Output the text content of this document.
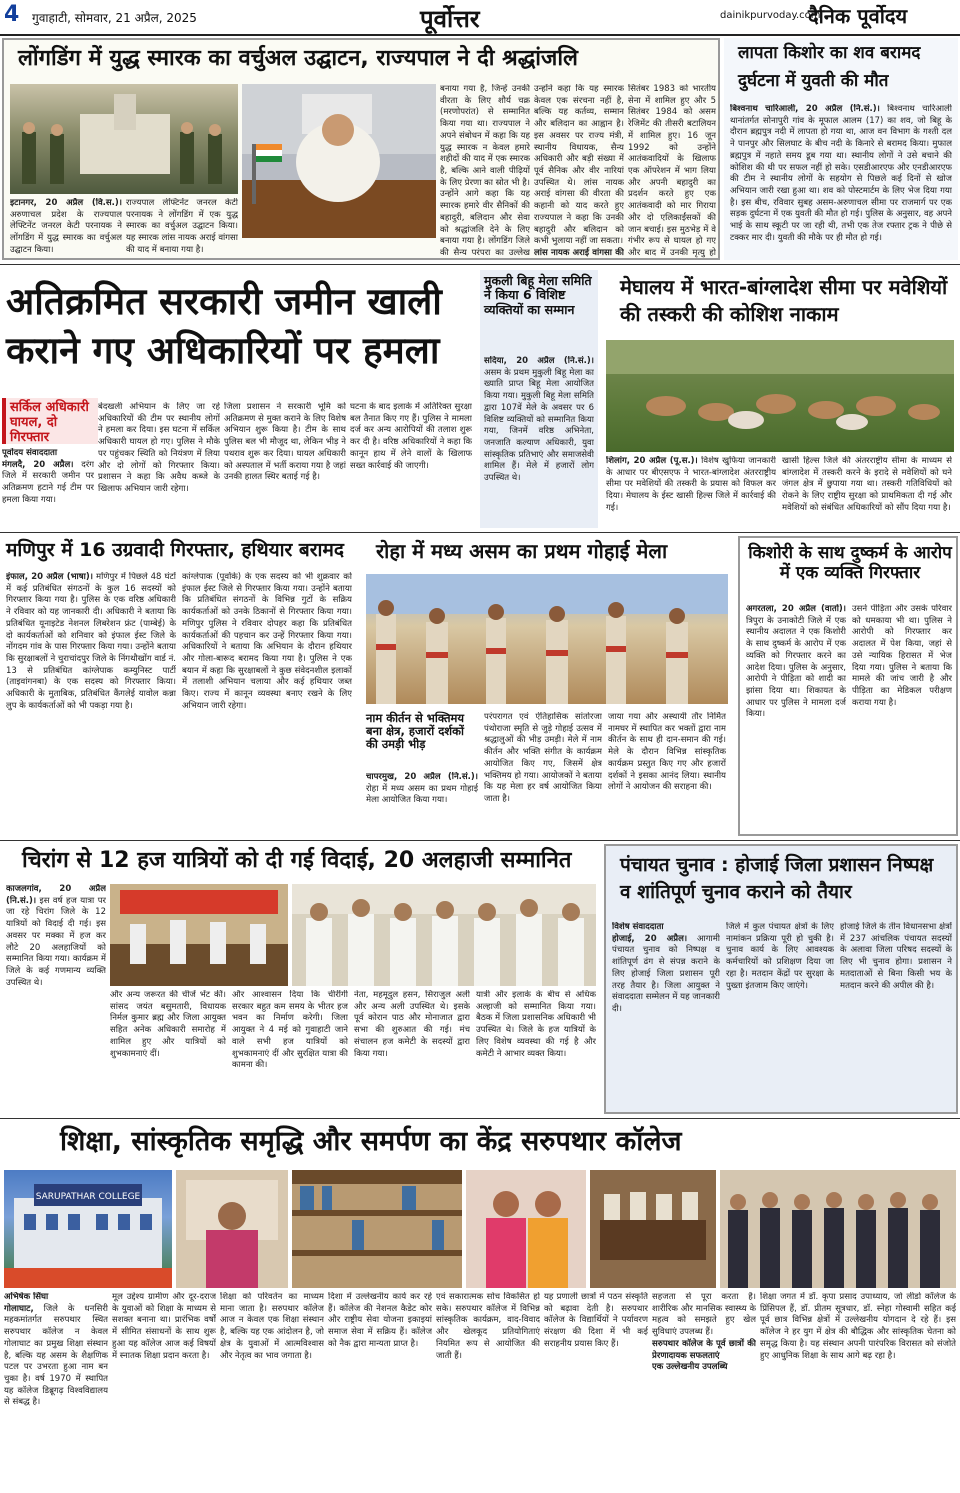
4 गुवाहाटी, सोमवार, 21 अप्रैल, 2025	पूर्वोत्तर	dainikpurvoday.com
दैनिक पूर्वोदय
लोंगडिंग में युद्ध स्मारक का वर्चुअल उद्घाटन, राज्यपाल ने दी श्रद्धांजलि
इटानगर, 20 अप्रैल (वि.स.)। अरुणाचल प्रदेश के राज्यपाल लेफ्टिनेंट जनरल केटी परनायक ने लोंगडिंग में युद्ध स्मारक का वर्चुअल उद्घाटन किया।
राज्यपाल लेफ्टिनेंट जनरल केटी परनायक ने लोंगडिंग में एक युद्ध स्मारक का वर्चुअल उद्घाटन किया। यह स्मारक लांस नायक अराई वांगसा की याद में बनाया गया है।
बनाया गया है, जिन्हें उनकी वीरता के लिए शौर्य चक्र (मरणोपरांत) से सम्मानित किया गया था। राज्यपाल ने अपने संबोधन में कहा कि यह युद्ध स्मारक न केवल हमारे शहीदों की याद में एक स्मारक है, बल्कि आने वाली पीढ़ियों के लिए प्रेरणा का स्रोत भी है। उन्होंने आगे कहा कि यह स्मारक हमारे वीर सैनिकों की बहादुरी, बलिदान और सेवा को श्रद्धांजलि देने के लिए बनाया गया है। लोंगडिंग जिले की सैन्य परंपरा का उल्लेख
उन्होंने कहा कि यह स्मारक केवल एक संरचना नहीं है, बल्कि यह कर्तव्य, सम्मान और बलिदान का आह्वान है। इस अवसर पर राज्य मंत्री, स्थानीय विधायक, सैन्य अधिकारी और बड़ी संख्या में पूर्व सैनिक और वीर नारियां उपस्थित थे। लांस नायक अराई वांगसा की वीरता की कहानी को याद करते हुए राज्यपाल ने कहा कि उनकी बहादुरी और बलिदान को कभी भुलाया नहीं जा सकता।
लांस नायक अराई वांगसा की
सितंबर 1983 को भारतीय सेना में शामिल हुए और 5 सितंबर 1984 को असम रेजिमेंट की तीसरी बटालियन में शामिल हुए। 16 जून 1992 को उन्होंने आतंकवादियों के खिलाफ एक ऑपरेशन में भाग लिया और अपनी बहादुरी का प्रदर्शन करते हुए एक आतंकवादी को मार गिराया और दो एलिकाईंसकों की जान बचाई। इस मुठभेड़ में वे गंभीर रूप से घायल हो गए और बाद में उनकी मृत्यु हो
लापता किशोर का शव बरामद
दुर्घटना में युवती की मौत
बिश्वनाथ चारिआली, 20 अप्रैल (नि.सं.)। बिश्वनाथ चारिआली थानांतर्गत सोनापुरी गांव के मूफाल आलम (17) का शव, जो बिहू के दौरान ब्रह्मपुत्र नदी में लापता हो गया था, आज वन विभाग के गश्ती दल ने पानपुर और सिलघाट के बीच नदी के किनारे से बरामद किया। मुफाल ब्रह्मपुत्र में नहाते समय डूब गया था। स्थानीय लोगों ने उसे बचाने की कोशिश की थी पर सफल नहीं हो सके। एसडीआरएफ और एनडीआरएफ की टीम ने स्थानीय लोगों के सहयोग से पिछले कई दिनों से खोज अभियान जारी रखा हुआ था। शव को पोस्टमार्टम के लिए भेज दिया गया है। इस बीच, रविवार सुबह असम-अरुणाचल सीमा पर राजमार्ग पर एक सड़क दुर्घटना में एक युवती की मौत हो गई। पुलिस के अनुसार, वह अपने भाई के साथ स्कूटी पर जा रही थी, तभी एक तेज रफ्तार ट्रक ने पीछे से टक्कर मार दी। युवती की मौके पर ही मौत हो गई।
अतिक्रमित सरकारी जमीन खाली कराने गए अधिकारियों पर हमला
सर्किल अधिकारी घायल, दो गिरफ्तार
पूर्वोदय संवाददाता
मंगलदै, 20 अप्रैल। दरंग जिले में सरकारी जमीन पर अतिक्रमण हटाने गई टीम पर हमला किया गया।
बेदखली अभियान के लिए जा रहे अधिकारियों की टीम पर स्थानीय लोगों ने हमला कर दिया। इस घटना में सर्किल अधिकारी घायल हो गए। पुलिस ने मौके पर पहुंचकर स्थिति को नियंत्रण में लिया और दो लोगों को गिरफ्तार किया। प्रशासन ने कहा कि अवैध कब्जे के खिलाफ अभियान जारी रहेगा।
जिला प्रशासन ने सरकारी भूमि को अतिक्रमण से मुक्त कराने के लिए विशेष अभियान शुरू किया है। टीम के साथ पुलिस बल भी मौजूद था, लेकिन भीड़ ने पथराव शुरू कर दिया। घायल अधिकारी को अस्पताल में भर्ती कराया गया है जहां उनकी हालत स्थिर बताई गई है।
घटना के बाद इलाके में अतिरिक्त सुरक्षा बल तैनात किए गए हैं। पुलिस ने मामला दर्ज कर अन्य आरोपियों की तलाश शुरू कर दी है। वरिष्ठ अधिकारियों ने कहा कि कानून हाथ में लेने वालों के खिलाफ सख्त कार्रवाई की जाएगी।
मुकली बिहू मेला समिति ने किया 6 विशिष्ट व्यक्तियों का सम्मान
सदिया, 20 अप्रैल (नि.सं.)। असम के प्रथम मुकुली बिहू मेला का ख्याति प्राप्त बिहू मेला आयोजित किया गया। मुकुली बिहू मेला समिति द्वारा 107वें मेले के अवसर पर 6 विशिष्ट व्यक्तियों को सम्मानित किया गया, जिनमें वरिष्ठ अभिनेता, जनजाति कल्याण अधिकारी, युवा सांस्कृतिक प्रतिभाएं और समाजसेवी शामिल हैं। मेले में हजारों लोग उपस्थित थे।
मेघालय में भारत-बांग्लादेश सीमा पर मवेशियों की तस्करी की कोशिश नाकाम
शिलांग, 20 अप्रैल (पू.स.)। विशेष खुफिया जानकारी के आधार पर बीएसएफ ने भारत-बांग्लादेश अंतरराष्ट्रीय सीमा पर मवेशियों की तस्करी के प्रयास को विफल कर दिया। मेघालय के ईस्ट खासी हिल्स जिले में कार्रवाई की गई।
खासी हिल्स जिले की अंतरराष्ट्रीय सीमा के माध्यम से बांग्लादेश में तस्करी करने के इरादे से मवेशियों को घने जंगल क्षेत्र में छुपाया गया था। तस्करी गतिविधियों को रोकने के लिए राष्ट्रीय सुरक्षा को प्राथमिकता दी गई और मवेशियों को संबंधित अधिकारियों को सौंप दिया गया है।
मणिपुर में 16 उग्रवादी गिरफ्तार, हथियार बरामद
इंफाल, 20 अप्रैल (भाषा)। मणिपुर में पिछले 48 घंटों में कई प्रतिबंधित संगठनों के कुल 16 सदस्यों को गिरफ्तार किया गया है। पुलिस के एक वरिष्ठ अधिकारी ने रविवार को यह जानकारी दी। अधिकारी ने बताया कि प्रतिबंधित यूनाइटेड नेशनल लिबरेशन फ्रंट (पाम्बेई) के दो कार्यकर्ताओं को शनिवार को इंफाल ईस्ट जिले के नोंगदम गांव के पास गिरफ्तार किया गया। उन्होंने बताया कि सुरक्षाबलों ने चुराचांदपुर जिले के निंगथौखोंग वार्ड नं. 13 से प्रतिबंधित कांग्लेपाक कम्युनिस्ट पार्टी (ताइवांगनबा) के एक सदस्य को गिरफ्तार किया। अधिकारी के मुताबिक, प्रतिबंधित कैंगलेई यावोल कन्ना लुप के कार्यकर्ताओं को भी पकड़ा गया है।
कांग्लेपाक (पूर्वोके) के एक सदस्य को भी शुक्रवार को इंफाल ईस्ट जिले से गिरफ्तार किया गया। उन्होंने बताया कि प्रतिबंधित संगठनों के विभिन्न गुटों के सक्रिय कार्यकर्ताओं को उनके ठिकानों से गिरफ्तार किया गया। मणिपुर पुलिस ने रविवार दोपहर कहा कि प्रतिबंधित कार्यकर्ताओं की पहचान कर उन्हें गिरफ्तार किया गया। अधिकारियों ने बताया कि अभियान के दौरान हथियार और गोला-बारूद बरामद किया गया है। पुलिस ने एक बयान में कहा कि सुरक्षाबलों ने कुछ संवेदनशील इलाकों में तलाशी अभियान चलाया और कई हथियार जब्त किए। राज्य में कानून व्यवस्था बनाए रखने के लिए अभियान जारी रहेगा।
रोहा में मध्य असम का प्रथम गोहाई मेला
नाम कीर्तन से भक्तिमय बना क्षेत्र, हजारों दर्शकों की उमड़ी भीड़
चापरमुख, 20 अप्रैल (नि.सं.)। रोहा में मध्य असम का प्रथम गोहाई मेला आयोजित किया गया।
परंपरागत एवं ऐतिहासिक सांतोरजा पंथोराजा स्मृति से जुड़े गोहाई उत्सव में श्रद्धालुओं की भीड़ उमड़ी। मेले में नाम कीर्तन और भक्ति संगीत के कार्यक्रम आयोजित किए गए, जिसमें क्षेत्र भक्तिमय हो गया। आयोजकों ने बताया कि यह मेला हर वर्ष आयोजित किया जाता है।
जाया गया और अस्थायी तौर निर्मित नामघर में स्थापित कर भक्तों द्वारा नाम कीर्तन के साथ ही दान-समान की गई। मेले के दौरान विभिन्न सांस्कृतिक कार्यक्रम प्रस्तुत किए गए और हजारों दर्शकों ने इसका आनंद लिया। स्थानीय लोगों ने आयोजन की सराहना की।
किशोरी के साथ दुष्कर्म के आरोप में एक व्यक्ति गिरफ्तार
अगरतला, 20 अप्रैल (वार्ता)। त्रिपुरा के उनाकोटी जिले में एक स्थानीय अदालत ने एक किशोरी के साथ दुष्कर्म के आरोप में एक व्यक्ति को गिरफ्तार करने का आदेश दिया। पुलिस के अनुसार, आरोपी ने पीड़िता को शादी का झांसा दिया था। शिकायत के आधार पर पुलिस ने मामला दर्ज किया।
उसने पीड़िता और उसके परिवार को धमकाया भी था। पुलिस ने आरोपी को गिरफ्तार कर अदालत में पेश किया, जहां से उसे न्यायिक हिरासत में भेज दिया गया। पुलिस ने बताया कि मामले की जांच जारी है और पीड़िता का मेडिकल परीक्षण कराया गया है।
चिरांग से 12 हज यात्रियों को दी गई विदाई, 20 अलहाजी सम्मानित
काजलगांव, 20 अप्रैल (नि.सं.)। इस वर्ष हज यात्रा पर जा रहे चिरांग जिले के 12 यात्रियों को विदाई दी गई। इस अवसर पर मक्का में हज कर लौटे 20 अलहाजियों को सम्मानित किया गया। कार्यक्रम में जिले के कई गणमान्य व्यक्ति उपस्थित थे।
और अन्य जरूरत की चीजें भेंट कीं। सांसद जयंत बसुमतारी, विधायक निर्मल कुमार ब्रह्म और जिला आयुक्त सहित अनेक अधिकारी समारोह में शामिल हुए और यात्रियों को शुभकामनाएं दीं।
और आश्वासन दिया कि चीरींगी सरकार बहुत कम समय के भीतर हज भवन का निर्माण करेगी। जिला आयुक्त ने 4 मई को गुवाहाटी जाने वाले सभी हज यात्रियों को शुभकामनाएं दीं और सुरक्षित यात्रा की कामना की।
नेता, महमूदुल हसन, सिराजुल अली और अन्य अली उपस्थित थे। इसके पूर्व कोरान पाठ और मोनाजात द्वारा सभा की शुरुआत की गई। मंच संचालन हज कमेटी के सदस्यों द्वारा किया गया।
यात्री और इलाके के बीच से अधिक अल्हाजी को सम्मानित किया गया। बैठक में जिला प्रशासनिक अधिकारी भी उपस्थित थे। जिले के हज यात्रियों के लिए विशेष व्यवस्था की गई है और कमेटी ने आभार व्यक्त किया।
पंचायत चुनाव : होजाई जिला प्रशासन निष्पक्ष व शांतिपूर्ण चुनाव कराने को तैयार
विशेष संवाददाता
होजाई, 20 अप्रैल। आगामी पंचायत चुनाव को निष्पक्ष व शांतिपूर्ण ढंग से संपन्न कराने के लिए होजाई जिला प्रशासन पूरी तरह तैयार है। जिला आयुक्त ने संवाददाता सम्मेलन में यह जानकारी दी।
जिले में कुल पंचायत क्षेत्रों के लिए नामांकन प्रक्रिया पूरी हो चुकी है। चुनाव कार्य के लिए आवश्यक कर्मचारियों को प्रशिक्षण दिया जा रहा है। मतदान केंद्रों पर सुरक्षा के पुख्ता इंतजाम किए जाएंगे।
होजाई जिले के तीन विधानसभा क्षेत्रों में 237 आंचलिक पंचायत सदस्यों के अलावा जिला परिषद सदस्यों के लिए भी चुनाव होगा। प्रशासन ने मतदाताओं से बिना किसी भय के मतदान करने की अपील की है।
शिक्षा, सांस्कृतिक समृद्धि और समर्पण का केंद्र सरुपथार कॉलेज
SARUPATHAR COLLEGE
अभिषेक सिंघा
गोलाघाट, जिले के धनसिरी महकमांतर्गत सरुपथार स्थित सरुपथार कॉलेज न केवल गोलाघाट का प्रमुख शिक्षा संस्थान है, बल्कि यह असम के शैक्षणिक पटल पर उभरता हुआ नाम बन चुका है। वर्ष 1970 में स्थापित यह कॉलेज डिब्रूगढ़ विश्वविद्यालय से संबद्ध है।
मूल उद्देश्य ग्रामीण और दूर-दराज के युवाओं को शिक्षा के माध्यम से सशक्त बनाना था। प्रारंभिक वर्षों में सीमित संसाधनों के साथ शुरू हुआ यह कॉलेज आज कई विषयों में स्नातक शिक्षा प्रदान करता है।
शिक्षा को परिवर्तन का माध्यम माना जाता है। सरुपथार कॉलेज आज न केवल एक शिक्षा संस्थान है, बल्कि यह एक आंदोलन है, जो क्षेत्र के युवाओं में आत्मविश्वास और नेतृत्व का भाव जगाता है।
दिशा में उल्लेखनीय कार्य कर रहे हैं। कॉलेज की नेशनल कैडेट कोर और राष्ट्रीय सेवा योजना इकाइयां समाज सेवा में सक्रिय हैं। कॉलेज को नैक द्वारा मान्यता प्राप्त है।
एवं सकारात्मक सोच विकसित हो सके। सरुपथार कॉलेज में विभिन्न सांस्कृतिक कार्यक्रम, वाद-विवाद और खेलकूद प्रतियोगिताएं नियमित रूप से आयोजित की जाती हैं।
यह प्रणाली छात्रों में पठन संस्कृति को बढ़ावा देती है। सरुपथार कॉलेज के विद्यार्थियों ने पर्यावरण संरक्षण की दिशा में भी कई सराहनीय प्रयास किए हैं।
सहजता से पूरा करता है। शारीरिक और मानसिक स्वास्थ्य के महत्व को समझते हुए खेल सुविधाएं उपलब्ध हैं।
सरुपथार कॉलेज के पूर्व छात्रों की प्रेरणादायक सफलताएं
एक उल्लेखनीय उपलब्धि
शिक्षा जगत में डॉ. कृपा प्रसाद उपाध्याय, जो लीडो कॉलेज के प्रिंसिपल हैं, डॉ. प्रीतम सूत्रधार, डॉ. स्नेहा गोस्वामी सहित कई पूर्व छात्र विभिन्न क्षेत्रों में उल्लेखनीय योगदान दे रहे हैं। इस कॉलेज ने हर युग में क्षेत्र की बौद्धिक और सांस्कृतिक चेतना को समृद्ध किया है। यह संस्थान अपनी पारंपरिक विरासत को संजोते हुए आधुनिक शिक्षा के साथ आगे बढ़ रहा है।
